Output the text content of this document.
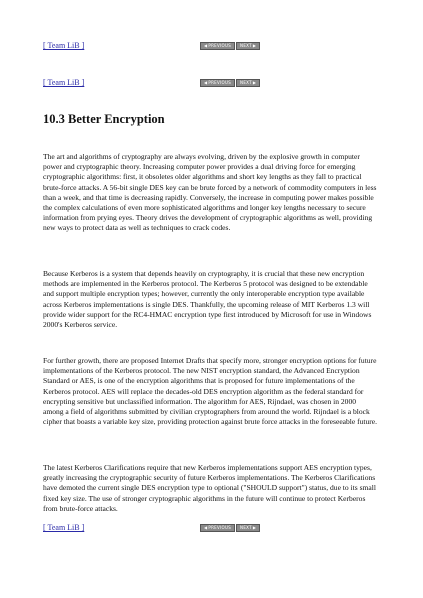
[ Team LiB ]	◀ PREVIOUS NEXT ▶
[ Team LiB ]	◀ PREVIOUS NEXT ▶
10.3 Better Encryption

The art and algorithms of cryptography are always evolving, driven by the explosive growth in computer power and cryptographic theory. Increasing computer power provides a dual driving force for emerging cryptographic algorithms: first, it obsoletes older algorithms and short key lengths as they fall to practical brute-force attacks. A 56-bit single DES key can be brute forced by a network of commodity computers in less than a week, and that time is decreasing rapidly. Conversely, the increase in computing power makes possible the complex calculations of even more sophisticated algorithms and longer key lengths necessary to secure information from prying eyes. Theory drives the development of cryptographic algorithms as well, providing new ways to protect data as well as techniques to crack codes.

Because Kerberos is a system that depends heavily on cryptography, it is crucial that these new encryption methods are implemented in the Kerberos protocol. The Kerberos 5 protocol was designed to be extendable and support multiple encryption types; however, currently the only interoperable encryption type available across Kerberos implementations is single DES. Thankfully, the upcoming release of MIT Kerberos 1.3 will provide wider support for the RC4-HMAC encryption type first introduced by Microsoft for use in Windows 2000's Kerberos service.

For further growth, there are proposed Internet Drafts that specify more, stronger encryption options for future implementations of the Kerberos protocol. The new NIST encryption standard, the Advanced Encryption Standard or AES, is one of the encryption algorithms that is proposed for future implementations of the Kerberos protocol. AES will replace the decades-old DES encryption algorithm as the federal standard for encrypting sensitive but unclassified information. The algorithm for AES, Rijndael, was chosen in 2000 among a field of algorithms submitted by civilian cryptographers from around the world. Rijndael is a block cipher that boasts a variable key size, providing protection against brute force attacks in the foreseeable future.

The latest Kerberos Clarifications require that new Kerberos implementations support AES encryption types, greatly increasing the cryptographic security of future Kerberos implementations. The Kerberos Clarifications have demoted the current single DES encryption type to optional ("SHOULD support") status, due to its small fixed key size. The use of stronger cryptographic algorithms in the future will continue to protect Kerberos from brute-force attacks.

[ Team LiB ]	◀ PREVIOUS NEXT ▶
